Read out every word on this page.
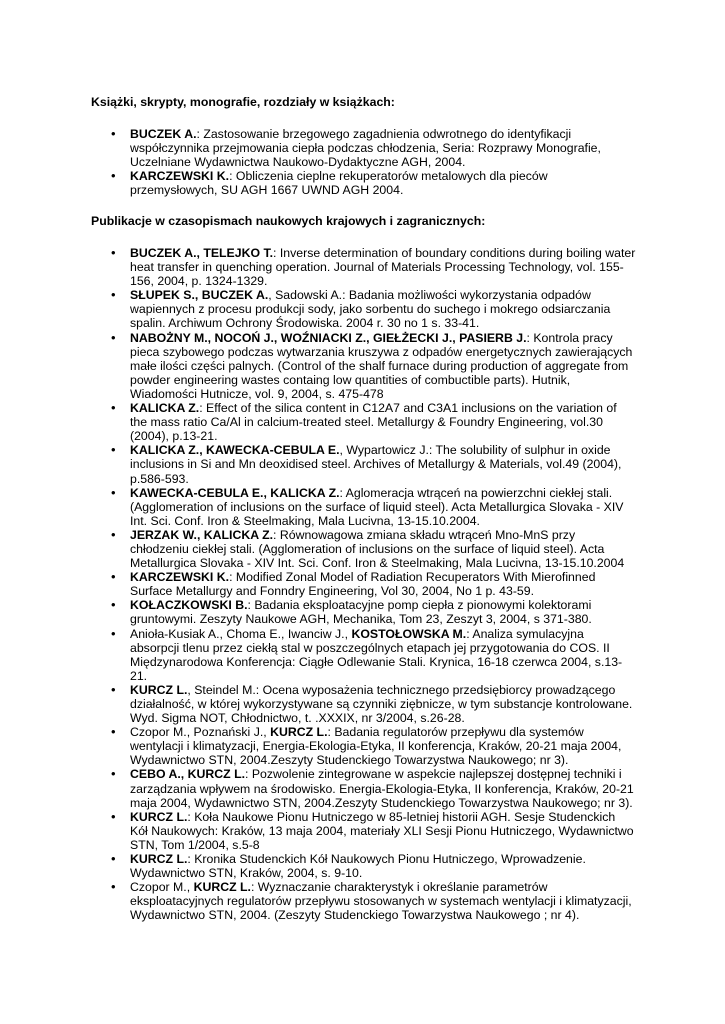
Książki, skrypty, monografie, rozdziały w książkach:
• BUCZEK A.: Zastosowanie brzegowego zagadnienia odwrotnego do identyfikacji współczynnika przejmowania ciepła podczas chłodzenia, Seria: Rozprawy Monografie, Uczelniane Wydawnictwa Naukowo-Dydaktyczne AGH, 2004.
• KARCZEWSKI K.: Obliczenia cieplne rekuperatorów metalowych dla pieców przemysłowych, SU AGH 1667 UWND AGH 2004.
Publikacje w czasopismach naukowych krajowych i zagranicznych:
• BUCZEK A., TELEJKO T.: Inverse determination of boundary conditions during boiling water heat transfer in quenching operation. Journal of Materials Processing Technology, vol. 155-156, 2004, p. 1324-1329.
• SŁUPEK S., BUCZEK A., Sadowski A.: Badania możliwości wykorzystania odpadów wapiennych z procesu produkcji sody, jako sorbentu do suchego i mokrego odsiarczania spalin. Archiwum Ochrony Środowiska. 2004 r. 30 no 1 s. 33-41.
• NABOŻNY M., NOCOŃ J., WOŹNIACKI Z., GIEŁŻECKI J., PASIERB J.: Kontrola pracy pieca szybowego podczas wytwarzania kruszywa z odpadów energetycznych zawierających małe ilości części palnych. (Control of the shalf furnace during production of aggregate from powder engineering wastes containg low quantities of combuctible parts). Hutnik, Wiadomości Hutnicze, vol. 9, 2004, s. 475-478
• KALICKA Z.: Effect of the silica content in C12A7 and C3A1 inclusions on the variation of the mass ratio Ca/Al in calcium-treated steel. Metallurgy & Foundry Engineering, vol.30 (2004), p.13-21.
• KALICKA Z., KAWECKA-CEBULA E., Wypartowicz J.: The solubility of sulphur in oxide inclusions in Si and Mn deoxidised steel. Archives of Metallurgy & Materials, vol.49 (2004), p.586-593.
• KAWECKA-CEBULA E., KALICKA Z.: Aglomeracja wtrąceń na powierzchni ciekłej stali. (Agglomeration of inclusions on the surface of liquid steel). Acta Metallurgica Slovaka - XIV Int. Sci. Conf. Iron & Steelmaking, Mala Lucivna, 13-15.10.2004.
• JERZAK W., KALICKA Z.: Równowagowa zmiana składu wtrąceń Mno-MnS przy chłodzeniu ciekłej stali. (Agglomeration of inclusions on the surface of liquid steel). Acta Metallurgica Slovaka - XIV Int. Sci. Conf. Iron & Steelmaking, Mala Lucivna, 13-15.10.2004
• KARCZEWSKI K.: Modified Zonal Model of Radiation Recuperators With Mierofinned Surface Metallurgy and Fonndry Engineering, Vol 30, 2004, No 1 p. 43-59.
• KOŁACZKOWSKI B.: Badania eksploatacyjne pomp ciepła z pionowymi kolektorami gruntowymi. Zeszyty Naukowe AGH, Mechanika, Tom 23, Zeszyt 3, 2004, s 371-380.
• Anioła-Kusiak A., Choma E., Iwanciw J., KOSTOŁOWSKA M.: Analiza symulacyjna absorpcji tlenu przez ciekłą stal w poszczególnych etapach jej przygotowania do COS. II Międzynarodowa Konferencja: Ciągłe Odlewanie Stali. Krynica, 16-18 czerwca 2004, s.13-21.
• KURCZ L., Steindel M.: Ocena wyposażenia technicznego przedsiębiorcy prowadzącego działalność, w której wykorzystywane są czynniki ziębnicze, w tym substancje kontrolowane. Wyd. Sigma NOT, Chłodnictwo, t. .XXXIX, nr 3/2004, s.26-28.
• Czopor M., Poznański J., KURCZ L.: Badania regulatorów przepływu dla systemów wentylacji i klimatyzacji, Energia-Ekologia-Etyka, II konferencja, Kraków, 20-21 maja 2004, Wydawnictwo STN, 2004.Zeszyty Studenckiego Towarzystwa Naukowego; nr 3).
• CEBO A., KURCZ L.: Pozwolenie zintegrowane w aspekcie najlepszej dostępnej techniki i zarządzania wpływem na środowisko. Energia-Ekologia-Etyka, II konferencja, Kraków, 20-21 maja 2004, Wydawnictwo STN, 2004.Zeszyty Studenckiego Towarzystwa Naukowego; nr 3).
• KURCZ L.: Koła Naukowe Pionu Hutniczego w 85-letniej historii AGH. Sesje Studenckich Kół Naukowych: Kraków, 13 maja 2004, materiały XLI Sesji Pionu Hutniczego, Wydawnictwo STN, Tom 1/2004, s.5-8
• KURCZ L.: Kronika Studenckich Kół Naukowych Pionu Hutniczego, Wprowadzenie. Wydawnictwo STN, Kraków, 2004, s. 9-10.
• Czopor M., KURCZ L.: Wyznaczanie charakterystyk i określanie parametrów eksploatacyjnych regulatorów przepływu stosowanych w systemach wentylacji i klimatyzacji, Wydawnictwo STN, 2004. (Zeszyty Studenckiego Towarzystwa Naukowego ; nr 4).
